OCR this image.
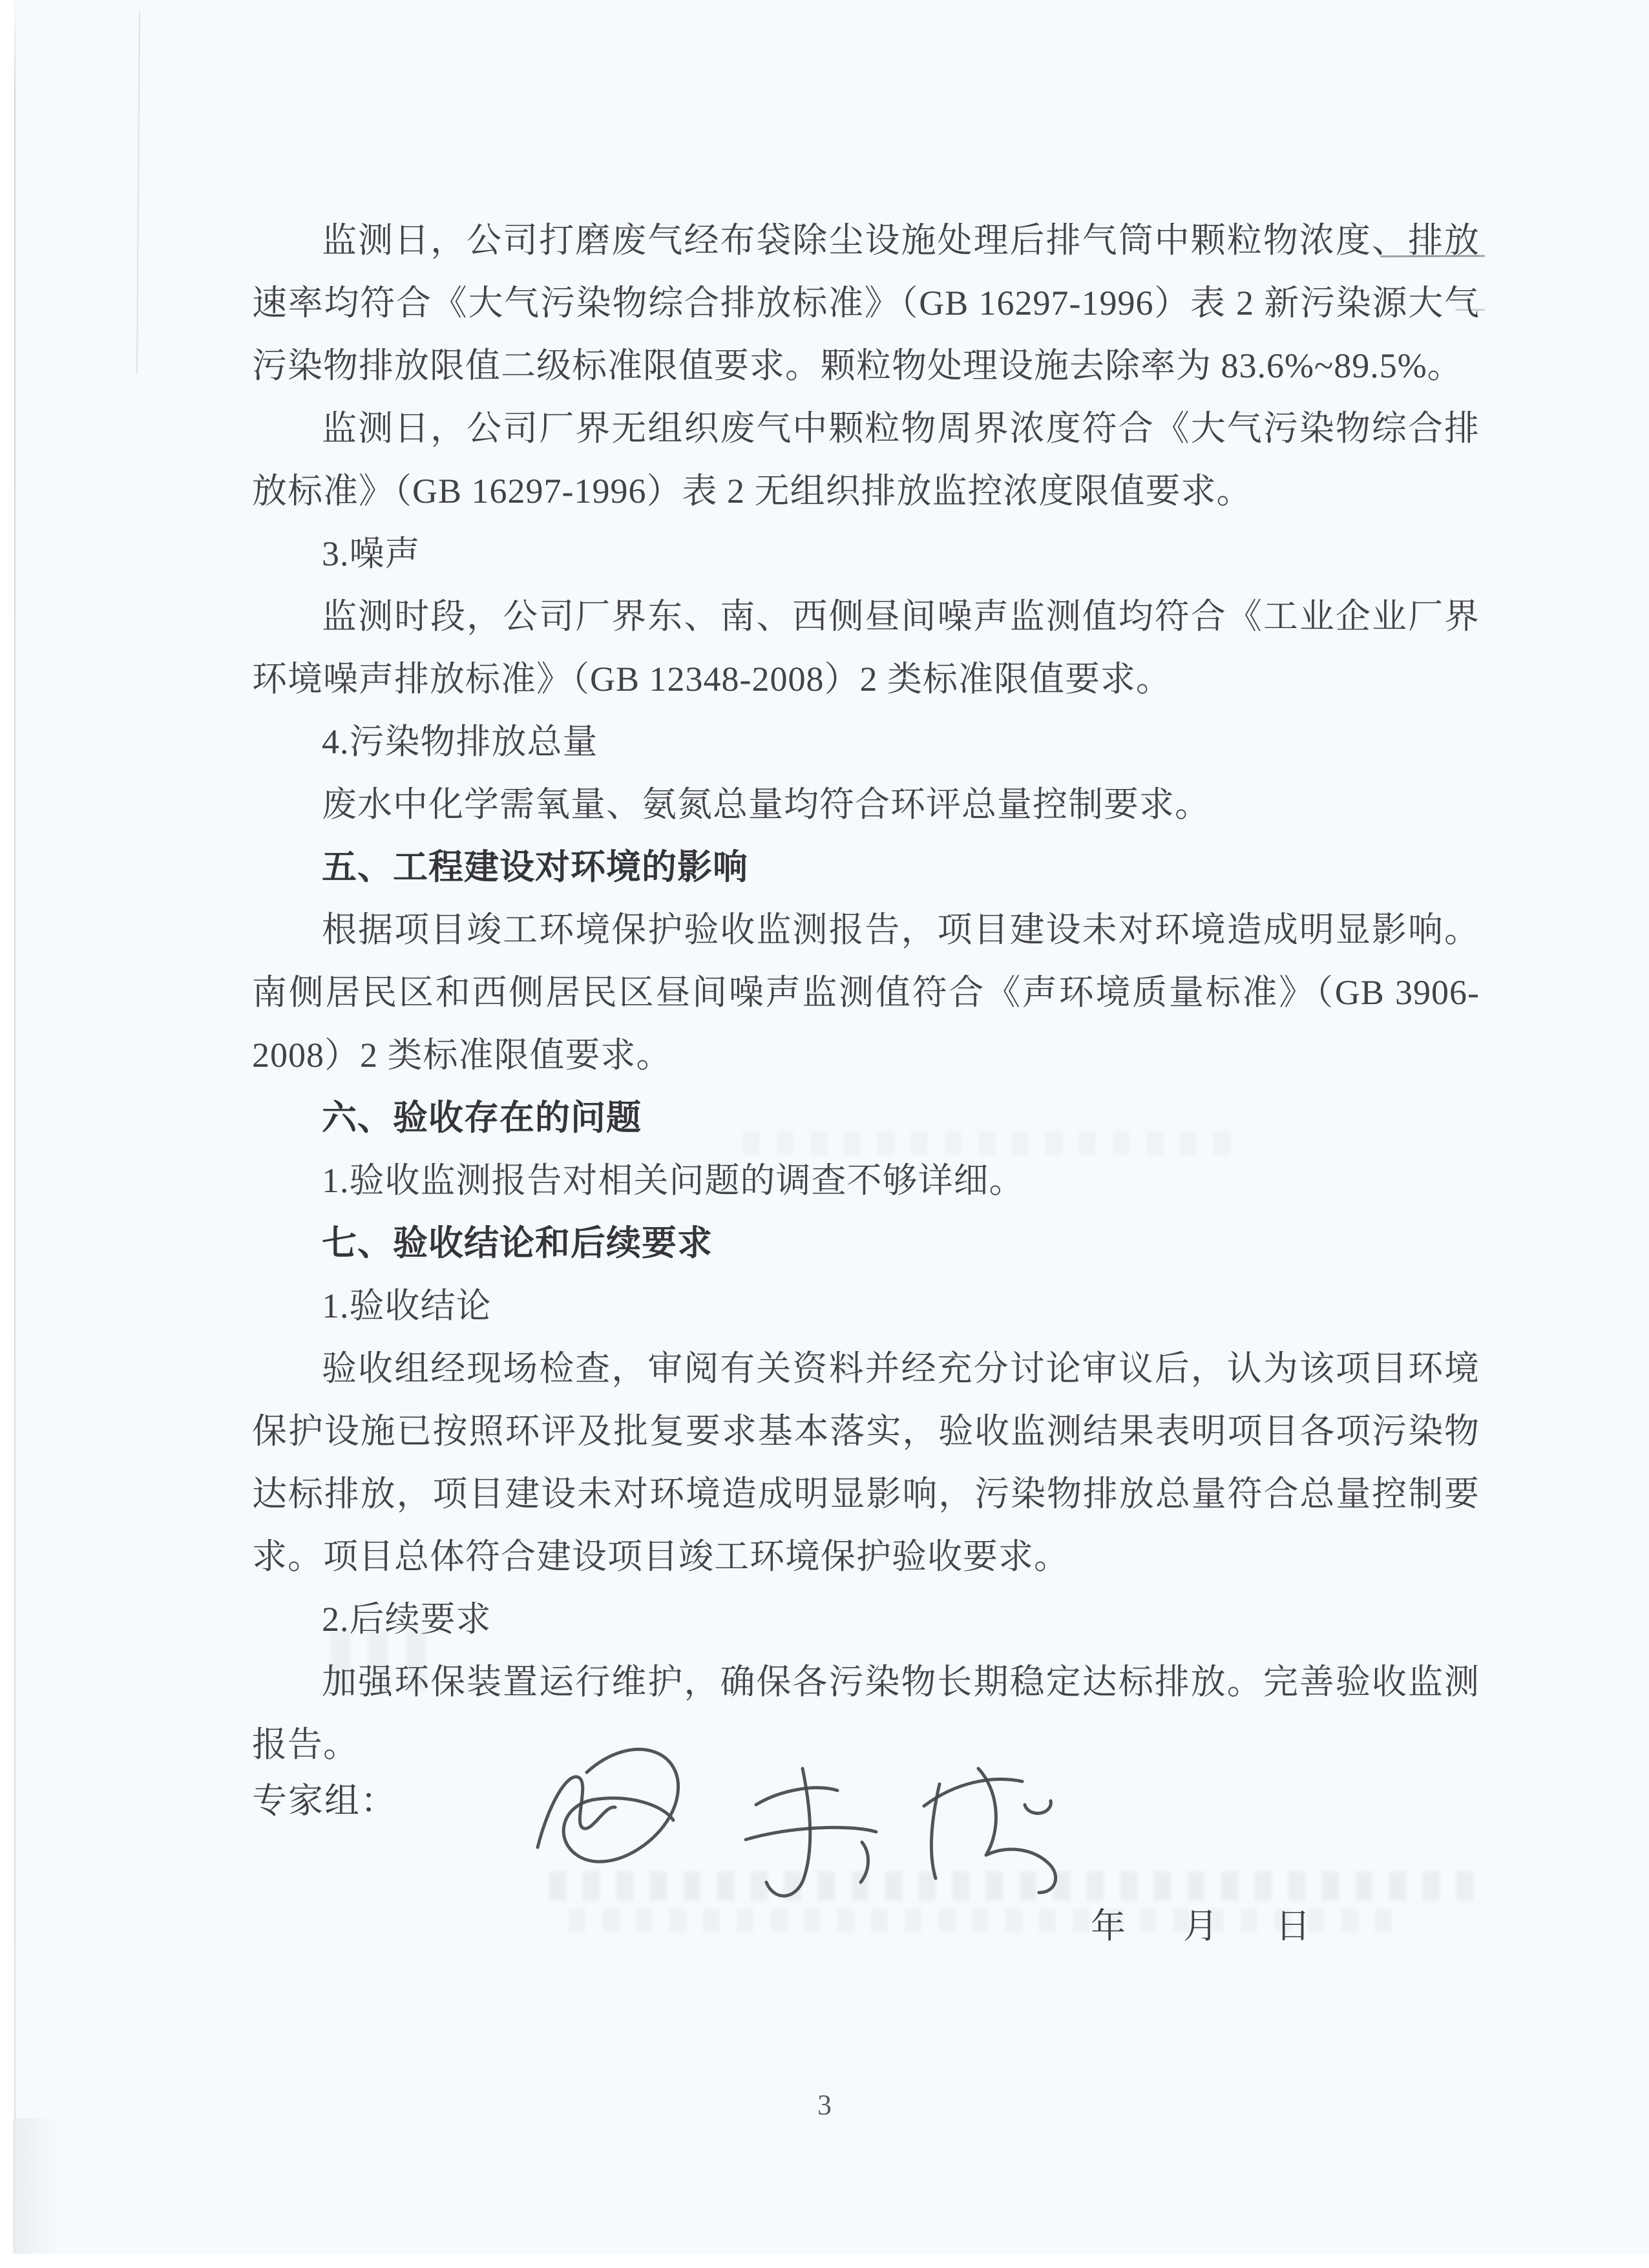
监测日，公司打磨废气经布袋除尘设施处理后排气筒中颗粒物浓度、排放速率均符合《大气污染物综合排放标准》（GB 16297-1996）表 2 新污染源大气污染物排放限值二级标准限值要求。颗粒物处理设施去除率为 83.6%~89.5%。

监测日，公司厂界无组织废气中颗粒物周界浓度符合《大气污染物综合排放标准》（GB 16297-1996）表 2 无组织排放监控浓度限值要求。

3.噪声

监测时段，公司厂界东、南、西侧昼间噪声监测值均符合《工业企业厂界环境噪声排放标准》（GB 12348-2008）2 类标准限值要求。

4.污染物排放总量

废水中化学需氧量、氨氮总量均符合环评总量控制要求。

五、工程建设对环境的影响

根据项目竣工环境保护验收监测报告，项目建设未对环境造成明显影响。南侧居民区和西侧居民区昼间噪声监测值符合《声环境质量标准》（GB 3906-2008）2 类标准限值要求。

六、验收存在的问题

1.验收监测报告对相关问题的调查不够详细。

七、验收结论和后续要求

1.验收结论

验收组经现场检查，审阅有关资料并经充分讨论审议后，认为该项目环境保护设施已按照环评及批复要求基本落实，验收监测结果表明项目各项污染物达标排放，项目建设未对环境造成明显影响，污染物排放总量符合总量控制要求。项目总体符合建设项目竣工环境保护验收要求。

2.后续要求

加强环保装置运行维护，确保各污染物长期稳定达标排放。完善验收监测报告。

专家组：
年 月 日
3
